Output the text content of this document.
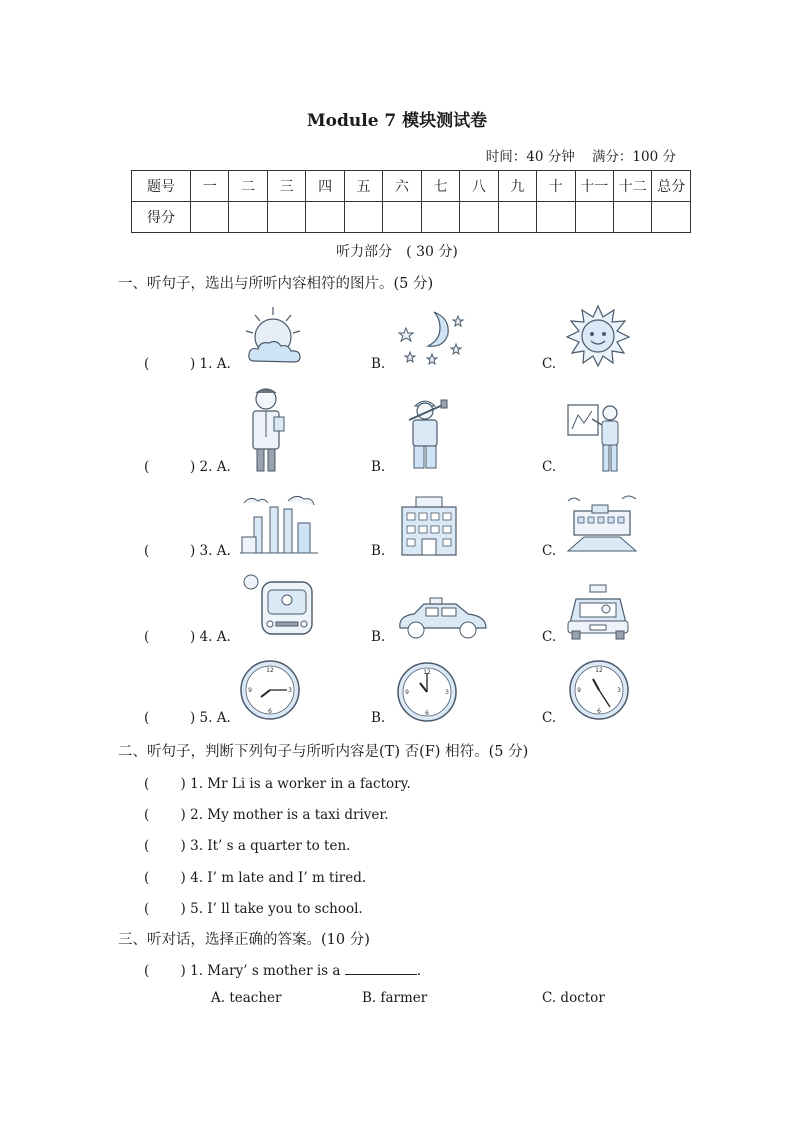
Module 7 模块测试卷
时间：40 分钟 满分：100 分
题号	一	二	三	四	五	六	七	八	九	十	十一	十二	总分
得分													
听力部分　( 30 分)
一、听句子，选出与所听内容相符的图片。(5 分)
(	) 1. A.	B.	C.
(	) 2. A.	B.	C.
(	) 3. A.	B.	C.
(	) 4. A.	B.	C.
(	) 5. A.	B.	C.
12
6
3
9
12
6
3
9
12
6
3
9
二、听句子，判断下列句子与所听内容是(T) 否(F) 相符。(5 分)
( 　　) 1. Mr Li is a worker in a factory.
( 　　) 2. My mother is a taxi driver.
( 　　) 3. It’ s a quarter to ten.
( 　　) 4. I’ m late and I’ m tired.
( 　　) 5. I’ ll take you to school.
三、听对话，选择正确的答案。(10 分)
( 　　) 1. Mary’ s mother is a	.
A. teacher	B. farmer	C. doctor
